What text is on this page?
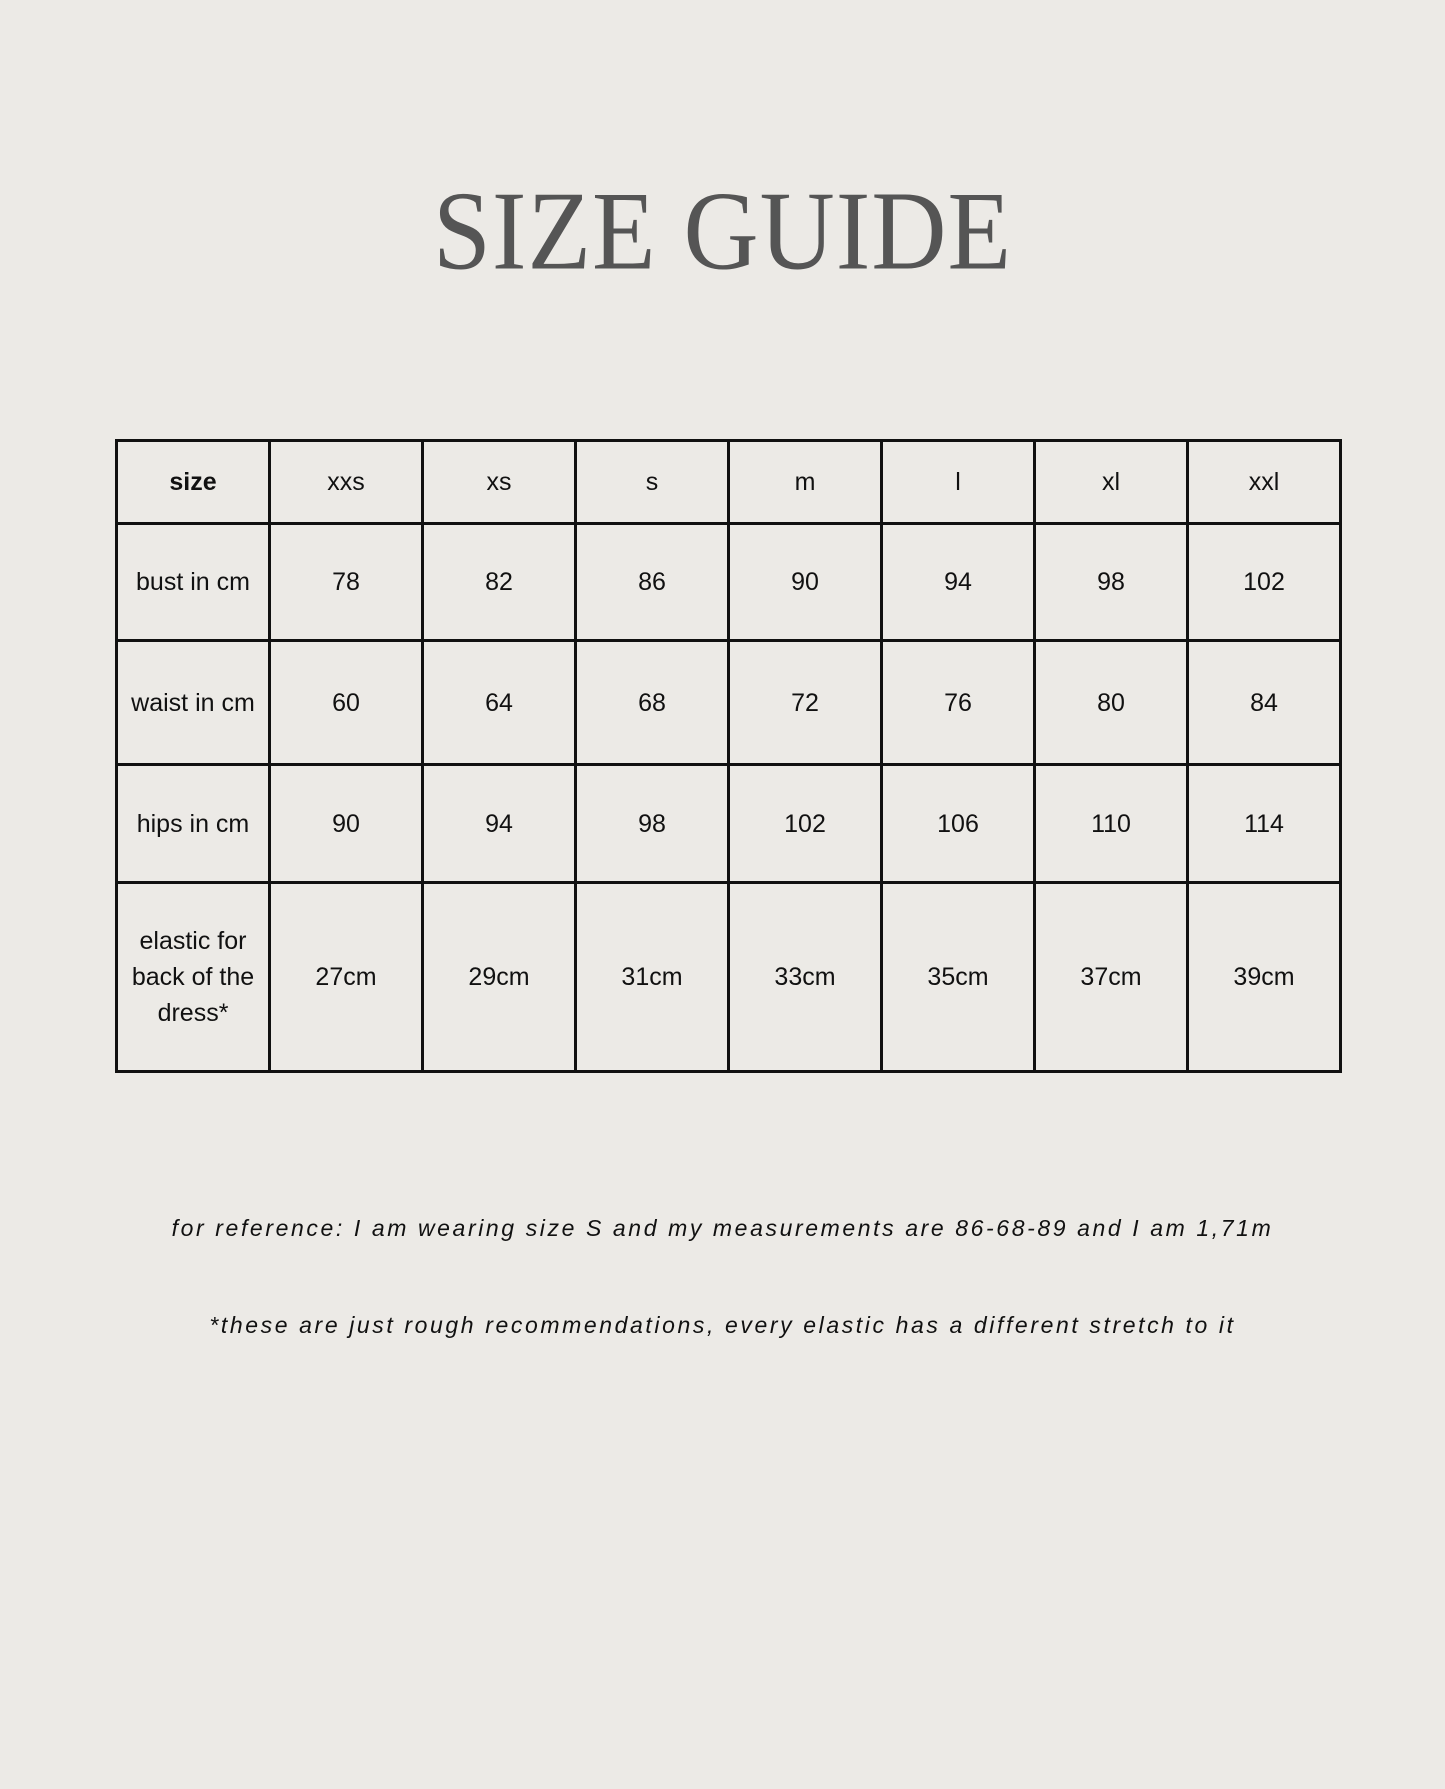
SIZE GUIDE
size	xxs	xs	s	m	l	xl	xxl
bust in cm	78	82	86	90	94	98	102
waist in cm	60	64	68	72	76	80	84
hips in cm	90	94	98	102	106	110	114
elastic for back of the dress*	27cm	29cm	31cm	33cm	35cm	37cm	39cm
for reference: I am wearing size S and my measurements are 86-68-89 and I am 1,71m
*these are just rough recommendations, every elastic has a different stretch to it
